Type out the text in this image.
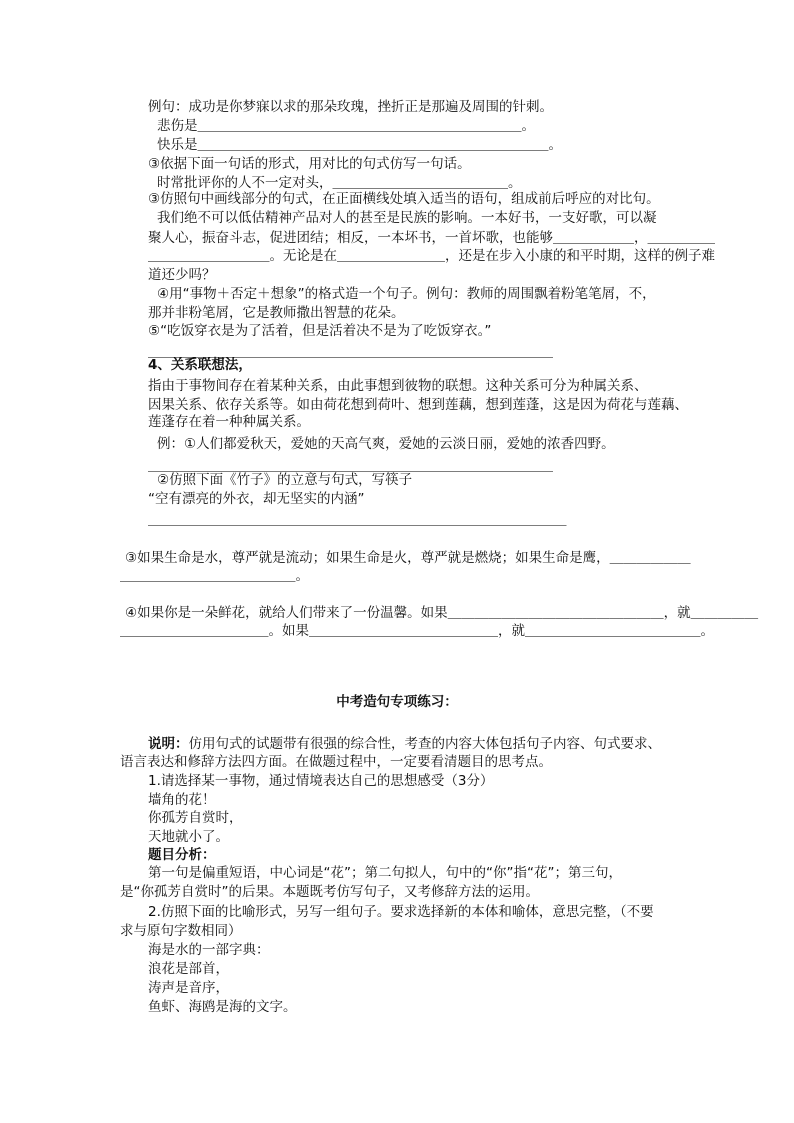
例句：成功是你梦寐以求的那朵玫瑰，挫折正是那遍及周围的针刺。
悲伤是＿＿＿＿＿＿＿＿＿＿＿＿＿＿＿＿＿＿＿＿＿＿＿＿。
快乐是＿＿＿＿＿＿＿＿＿＿＿＿＿＿＿＿＿＿＿＿＿＿＿＿＿＿。
③依据下面一句话的形式，用对比的句式仿写一句话。
时常批评你的人不一定对头，＿＿＿＿＿＿＿＿＿＿＿＿＿。
③仿照句中画线部分的句式，在正面横线处填入适当的语句，组成前后呼应的对比句。
我们绝不可以低估精神产品对人的甚至是民族的影响。一本好书，一支好歌，可以凝
聚人心，振奋斗志，促进团结；相反，一本坏书，一首坏歌，也能够＿＿＿＿＿＿，＿＿＿＿＿
＿＿＿＿＿＿＿＿＿。无论是在＿＿＿＿＿＿＿＿，还是在步入小康的和平时期，这样的例子难
道还少吗？
④用“事物＋否定＋想象”的格式造一个句子。例句：教师的周围飘着粉笔笔屑，不，
那并非粉笔屑，它是教师撒出智慧的花朵。
⑤“吃饭穿衣是为了活着，但是活着决不是为了吃饭穿衣。”
＿＿＿＿＿＿＿＿＿＿＿＿＿＿＿＿＿＿＿＿＿＿＿＿＿＿＿＿＿＿
4、关系联想法，
指由于事物间存在着某种关系，由此事想到彼物的联想。这种关系可分为种属关系、
因果关系、依存关系等。如由荷花想到荷叶、想到莲藕，想到莲蓬，这是因为荷花与莲藕、
莲蓬存在着一种种属关系。
例：①人们都爱秋天，爱她的天高气爽，爱她的云淡日丽，爱她的浓香四野。
＿＿＿＿＿＿＿＿＿＿＿＿＿＿＿＿＿＿＿＿＿＿＿＿＿＿＿＿＿＿
②仿照下面《竹子》的立意与句式，写筷子
“空有漂亮的外衣，却无坚实的内涵”
＿＿＿＿＿＿＿＿＿＿＿＿＿＿＿＿＿＿＿＿＿＿＿＿＿＿＿＿＿＿＿
③如果生命是水，尊严就是流动；如果生命是火，尊严就是燃烧；如果生命是鹰，＿＿＿＿＿＿
＿＿＿＿＿＿＿＿＿＿＿＿＿。
④如果你是一朵鲜花，就给人们带来了一份温馨。如果＿＿＿＿＿＿＿＿＿＿＿＿＿＿＿＿，就＿＿＿＿＿
＿＿＿＿＿＿＿＿＿＿＿。如果＿＿＿＿＿＿＿＿＿＿＿＿＿＿，就＿＿＿＿＿＿＿＿＿＿＿＿＿。
中考造句专项练习：
说明：仿用句式的试题带有很强的综合性，考查的内容大体包括句子内容、句式要求、
语言表达和修辞方法四方面。在做题过程中，一定要看清题目的思考点。
1.请选择某一事物，通过情境表达自己的思想感受（3分）
墙角的花！
你孤芳自赏时，
天地就小了。
题目分析：
第一句是偏重短语，中心词是“花”；第二句拟人，句中的“你”指“花”；第三句，
是“你孤芳自赏时”的后果。本题既考仿写句子，又考修辞方法的运用。
2.仿照下面的比喻形式，另写一组句子。要求选择新的本体和喻体，意思完整，（不要
求与原句字数相同）
海是水的一部字典：
浪花是部首，
涛声是音序，
鱼虾、海鸥是海的文字。
